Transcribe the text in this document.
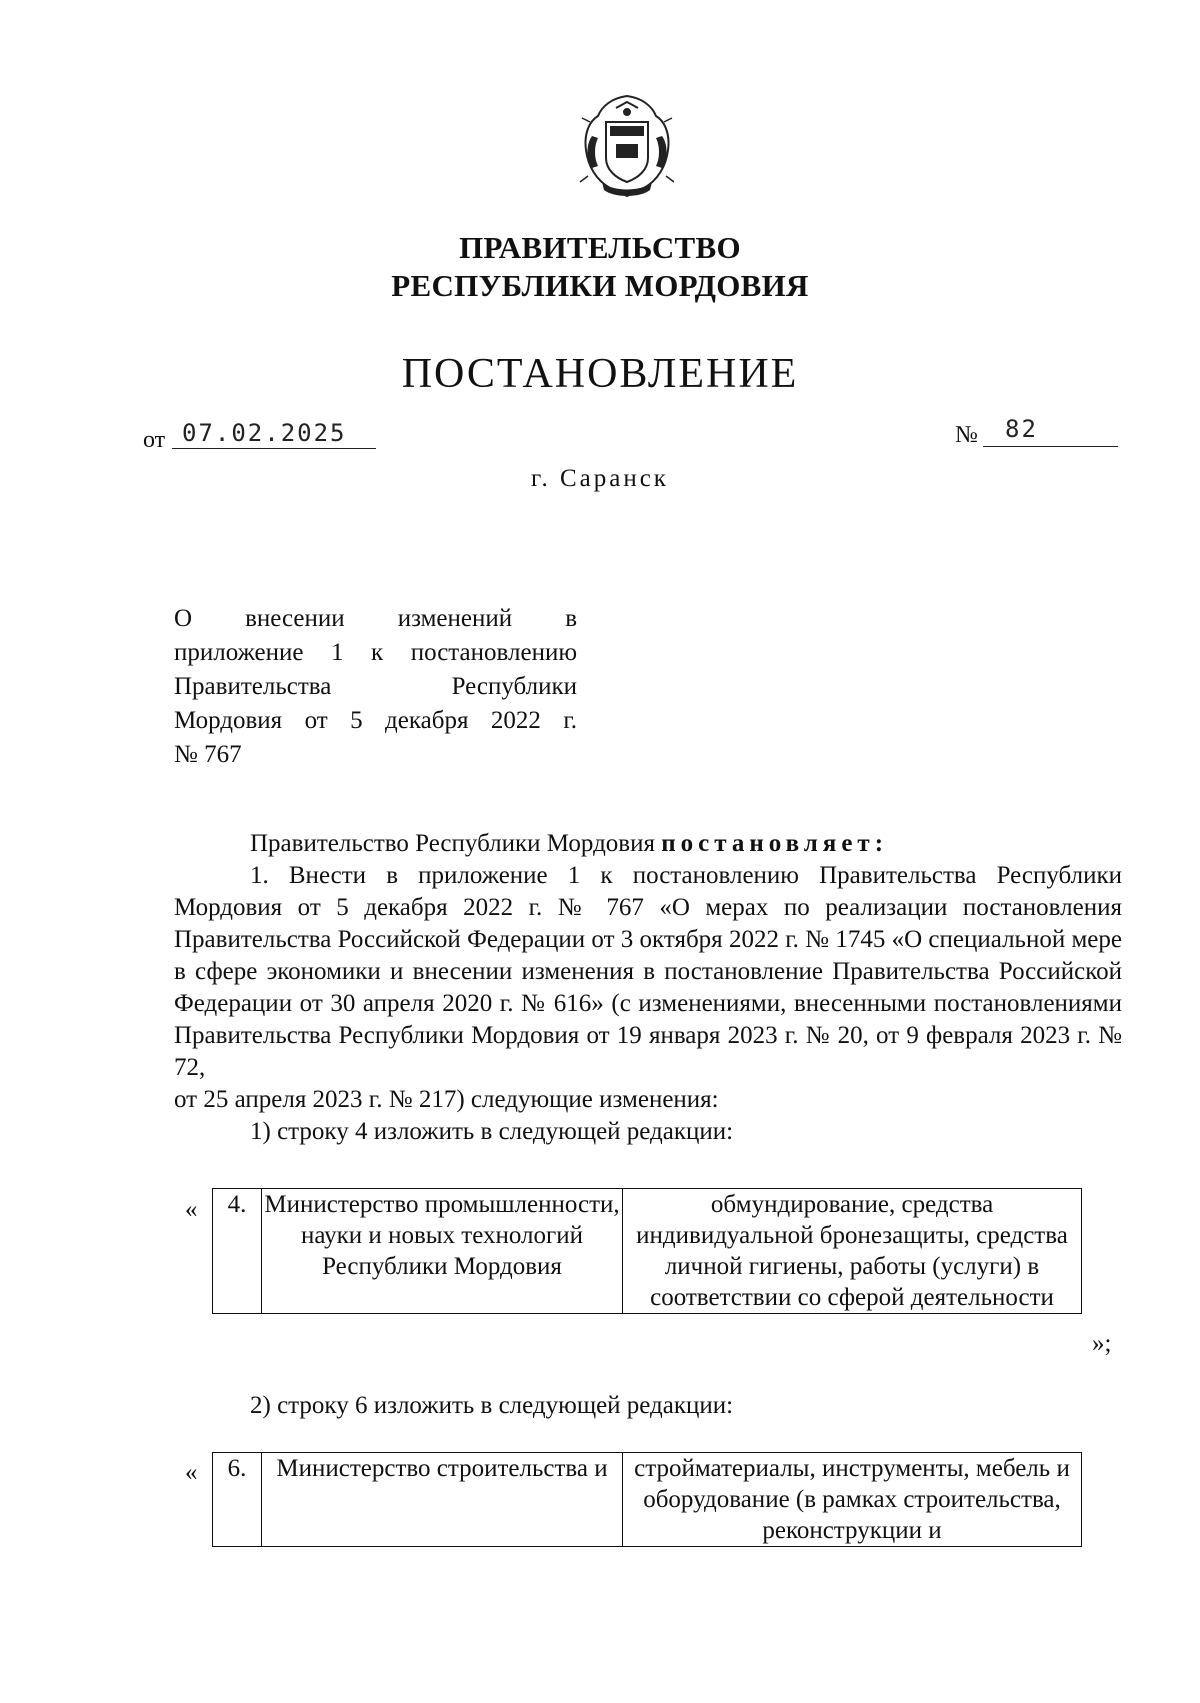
ПРАВИТЕЛЬСТВО
РЕСПУБЛИКИ МОРДОВИЯ
ПОСТАНОВЛЕНИЕ
от 07.02.2025	№ 82
г. Саранск
О внесении изменений в
приложение 1 к постановлению
Правительства Республики
Мордовия от 5 декабря 2022 г.
№ 767
Правительство Республики Мордовия постановляет:
1. Внести в приложение 1 к постановлению Правительства Республики Мордовия от 5 декабря 2022 г. № 767 «О мерах по реализации постановления Правительства Российской Федерации от 3 октября 2022 г. № 1745 «О специальной мере в сфере экономики и внесении изменения в постановление Правительства Российской Федерации от 30 апреля 2020 г. № 616» (с изменениями, внесенными постановлениями Правительства Республики Мордовия от 19 января 2023 г. № 20, от 9 февраля 2023 г. № 72,
от 25 апреля 2023 г. № 217) следующие изменения:
1) строку 4 изложить в следующей редакции:
« 4.	Министерство промышленности, науки и новых технологий Республики Мордовия	обмундирование, средства индивидуальной бронезащиты, средства личной гигиены, работы (услуги) в соответствии со сферой деятельности
»;
2) строку 6 изложить в следующей редакции:
« 6.	Министерство строительства и	стройматериалы, инструменты, мебель и оборудование (в рамках строительства, реконструкции и
